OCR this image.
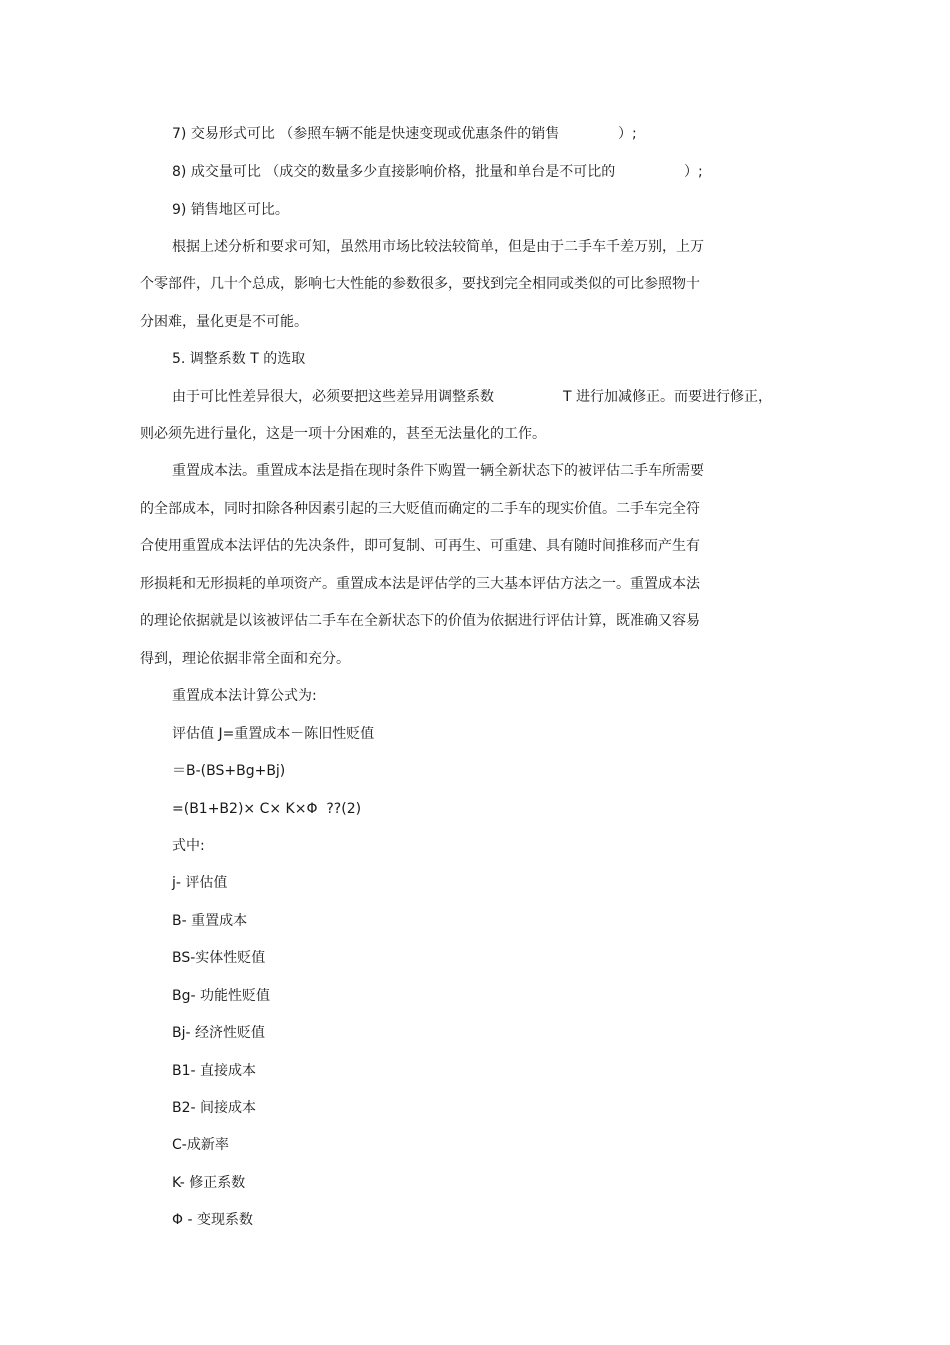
7) 交易形式可比 （参照车辆不能是快速变现或优惠条件的销售	）;
8) 成交量可比 （成交的数量多少直接影响价格，批量和单台是不可比的	）;
9) 销售地区可比。
根据上述分析和要求可知，虽然用市场比较法较简单，但是由于二手车千差万别，上万
个零部件，几十个总成，影响七大性能的参数很多，要找到完全相同或类似的可比参照物十
分困难，量化更是不可能。
5. 调整系数 T 的选取
由于可比性差异很大，必须要把这些差异用调整系数	T 进行加减修正。而要进行修正，
则必须先进行量化，这是一项十分困难的，甚至无法量化的工作。
重置成本法。重置成本法是指在现时条件下购置一辆全新状态下的被评估二手车所需要
的全部成本，同时扣除各种因素引起的三大贬值而确定的二手车的现实价值。二手车完全符
合使用重置成本法评估的先决条件，即可复制、可再生、可重建、具有随时间推移而产生有
形损耗和无形损耗的单项资产。重置成本法是评估学的三大基本评估方法之一。重置成本法
的理论依据就是以该被评估二手车在全新状态下的价值为依据进行评估计算，既准确又容易
得到，理论依据非常全面和充分。
重置成本法计算公式为:
评估值 J=重置成本－陈旧性贬值
＝B-(BS+Bg+Bj)
=(B1+B2)× C× K×Φ  ??(2)
式中:
j- 评估值
B- 重置成本
BS-实体性贬值
Bg- 功能性贬值
Bj- 经济性贬值
B1- 直接成本
B2- 间接成本
C-成新率
K- 修正系数
Φ - 变现系数
